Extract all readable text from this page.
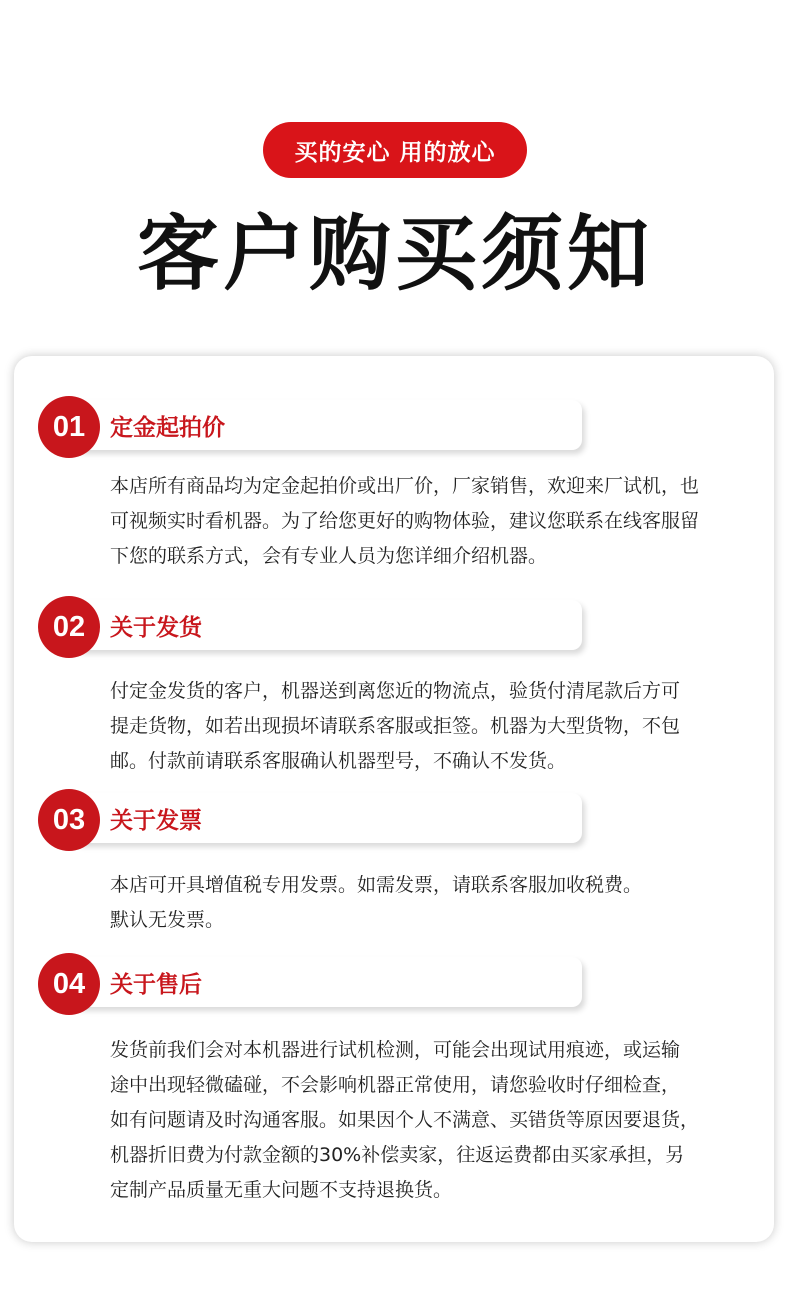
买的安心 用的放心
客户购买须知
01	定金起拍价
本店所有商品均为定金起拍价或出厂价，厂家销售，欢迎来厂试机，也
可视频实时看机器。为了给您更好的购物体验，建议您联系在线客服留
下您的联系方式，会有专业人员为您详细介绍机器。
02	关于发货
付定金发货的客户，机器送到离您近的物流点，验货付清尾款后方可
提走货物，如若出现损坏请联系客服或拒签。机器为大型货物，不包
邮。付款前请联系客服确认机器型号，不确认不发货。
03	关于发票
本店可开具增值税专用发票。如需发票，请联系客服加收税费。
默认无发票。
04	关于售后
发货前我们会对本机器进行试机检测，可能会出现试用痕迹，或运输
途中出现轻微磕碰，不会影响机器正常使用，请您验收时仔细检查，
如有问题请及时沟通客服。如果因个人不满意、买错货等原因要退货，
机器折旧费为付款金额的30%补偿卖家，往返运费都由买家承担，另
定制产品质量无重大问题不支持退换货。
